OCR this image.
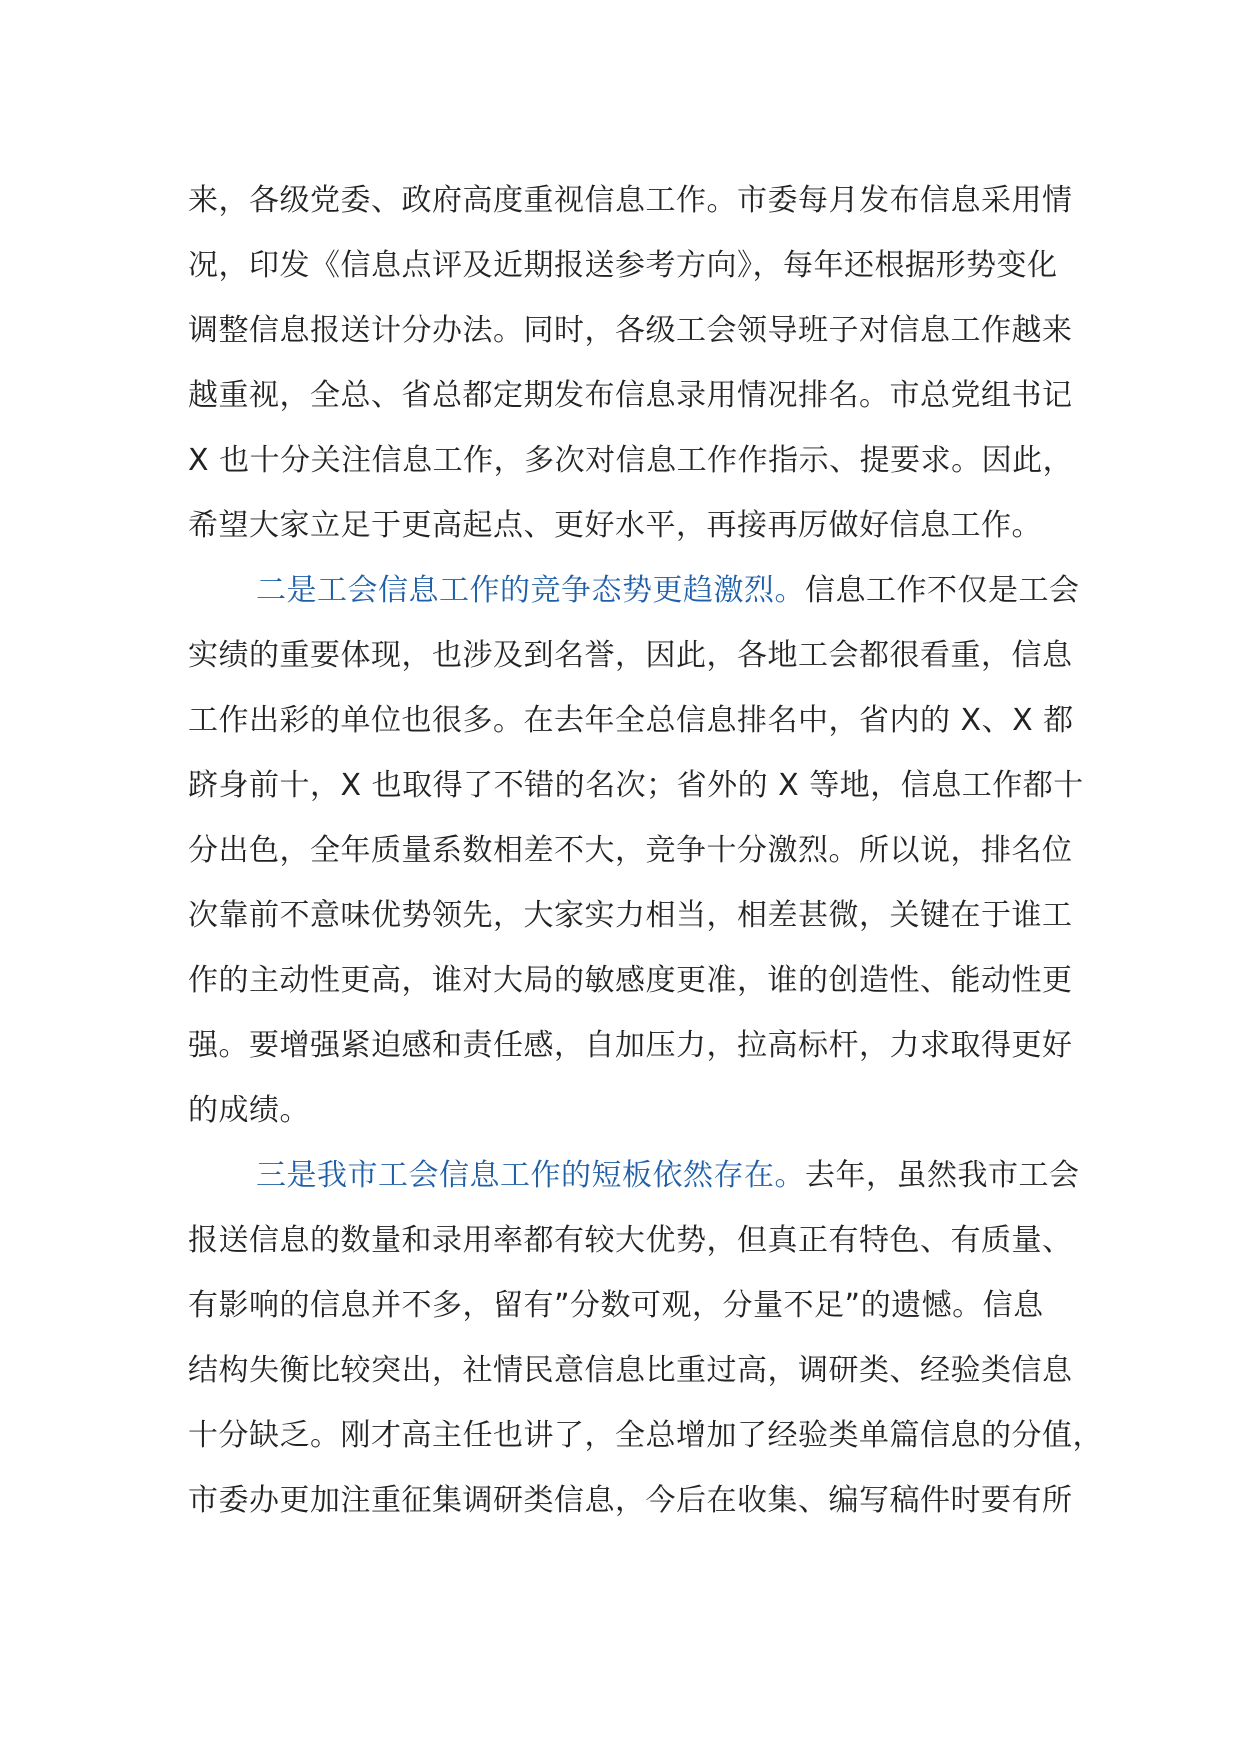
来，各级党委、政府高度重视信息工作。市委每月发布信息采用情
况，印发《信息点评及近期报送参考方向》，每年还根据形势变化
调整信息报送计分办法。同时，各级工会领导班子对信息工作越来
越重视，全总、省总都定期发布信息录用情况排名。市总党组书记
X 也十分关注信息工作，多次对信息工作作指示、提要求。因此，
希望大家立足于更高起点、更好水平，再接再厉做好信息工作。
二是工会信息工作的竞争态势更趋激烈。信息工作不仅是工会
实绩的重要体现，也涉及到名誉，因此，各地工会都很看重，信息
工作出彩的单位也很多。在去年全总信息排名中，省内的 X、X 都
跻身前十，X 也取得了不错的名次；省外的 X 等地，信息工作都十
分出色，全年质量系数相差不大，竞争十分激烈。所以说，排名位
次靠前不意味优势领先，大家实力相当，相差甚微，关键在于谁工
作的主动性更高，谁对大局的敏感度更准，谁的创造性、能动性更
强。要增强紧迫感和责任感，自加压力，拉高标杆，力求取得更好
的成绩。
三是我市工会信息工作的短板依然存在。去年，虽然我市工会
报送信息的数量和录用率都有较大优势，但真正有特色、有质量、
有影响的信息并不多，留有”分数可观，分量不足”的遗憾。信息
结构失衡比较突出，社情民意信息比重过高，调研类、经验类信息
十分缺乏。刚才高主任也讲了，全总增加了经验类单篇信息的分值，
市委办更加注重征集调研类信息，今后在收集、编写稿件时要有所
